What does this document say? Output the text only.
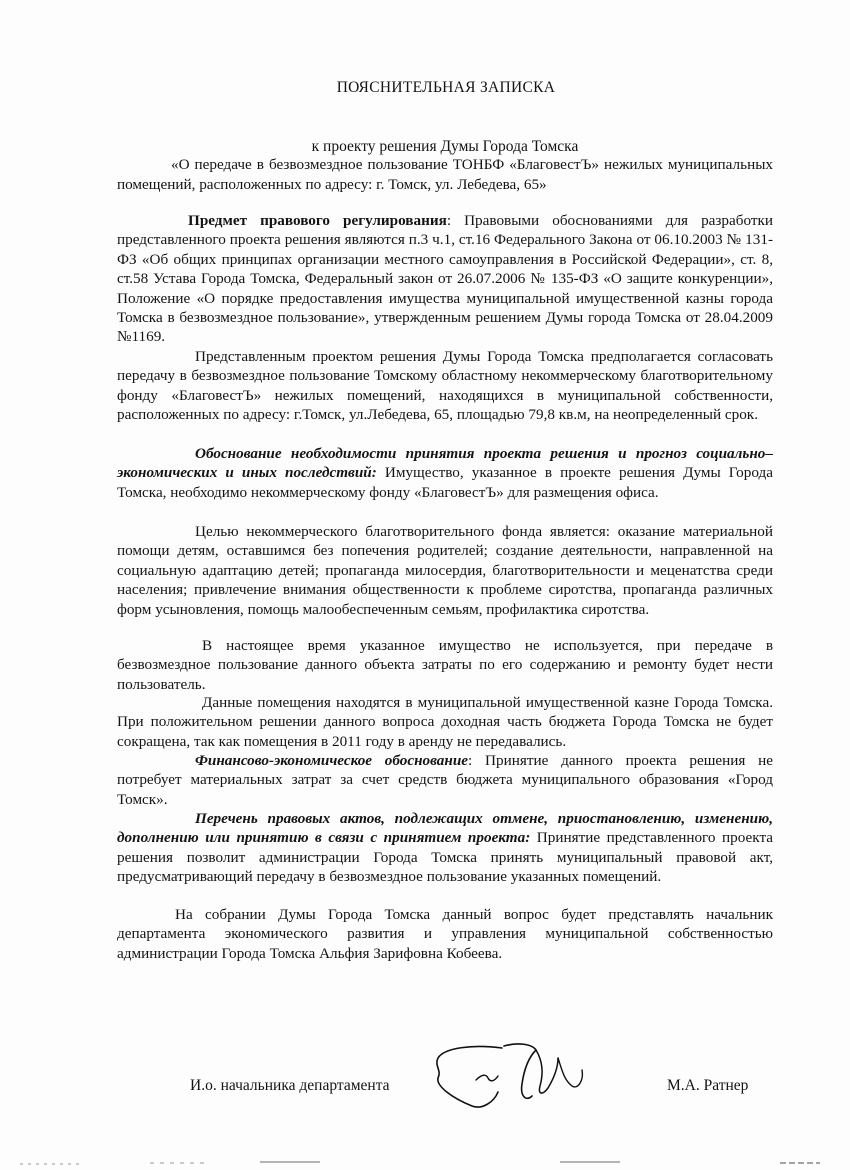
ПОЯСНИТЕЛЬНАЯ ЗАПИСКА
к проекту решения Думы Города Томска
«О передаче в безвозмездное пользование ТОНБФ «БлаговестЪ» нежилых муниципальных помещений, расположенных по адресу: г. Томск, ул. Лебедева, 65»
Предмет правового регулирования: Правовыми обоснованиями для разработки представленного проекта решения являются п.3 ч.1, ст.16 Федерального Закона от 06.10.2003 № 131-ФЗ «Об общих принципах организации местного самоуправления в Российской Федерации», ст. 8, ст.58 Устава Города Томска, Федеральный закон от 26.07.2006 № 135-ФЗ «О защите конкуренции», Положение «О порядке предоставления имущества муниципальной имущественной казны города Томска в безвозмездное пользование», утвержденным решением Думы города Томска от 28.04.2009 №1169.
Представленным проектом решения Думы Города Томска предполагается согласовать передачу в безвозмездное пользование Томскому областному некоммерческому благотворительному фонду «БлаговестЪ» нежилых помещений, находящихся в муниципальной собственности, расположенных по адресу: г.Томск, ул.Лебедева, 65, площадью 79,8 кв.м, на неопределенный срок.
Обоснование необходимости принятия проекта решения и прогноз социально–экономических и иных последствий: Имущество, указанное в проекте решения Думы Города Томска, необходимо некоммерческому фонду «БлаговестЪ» для размещения офиса.
Целью некоммерческого благотворительного фонда является: оказание материальной помощи детям, оставшимся без попечения родителей; создание деятельности, направленной на социальную адаптацию детей; пропаганда милосердия, благотворительности и меценатства среди населения; привлечение внимания общественности к проблеме сиротства, пропаганда различных форм усыновления, помощь малообеспеченным семьям, профилактика сиротства.
В настоящее время указанное имущество не используется, при передаче в безвозмездное пользование данного объекта затраты по его содержанию и ремонту будет нести пользователь.
Данные помещения находятся в муниципальной имущественной казне Города Томска. При положительном решении данного вопроса доходная часть бюджета Города Томска не будет сокращена, так как помещения в 2011 году в аренду не передавались.
Финансово-экономическое обоснование: Принятие данного проекта решения не потребует материальных затрат за счет средств бюджета муниципального образования «Город Томск».
Перечень правовых актов, подлежащих отмене, приостановлению, изменению, дополнению или принятию в связи с принятием проекта: Принятие представленного проекта решения позволит администрации Города Томска принять муниципальный правовой акт, предусматривающий передачу в безвозмездное пользование указанных помещений.
На собрании Думы Города Томска данный вопрос будет представлять начальник департамента экономического развития и управления муниципальной собственностью администрации Города Томска Альфия Зарифовна Кобеева.
И.о. начальника департамента	М.А. Ратнер
